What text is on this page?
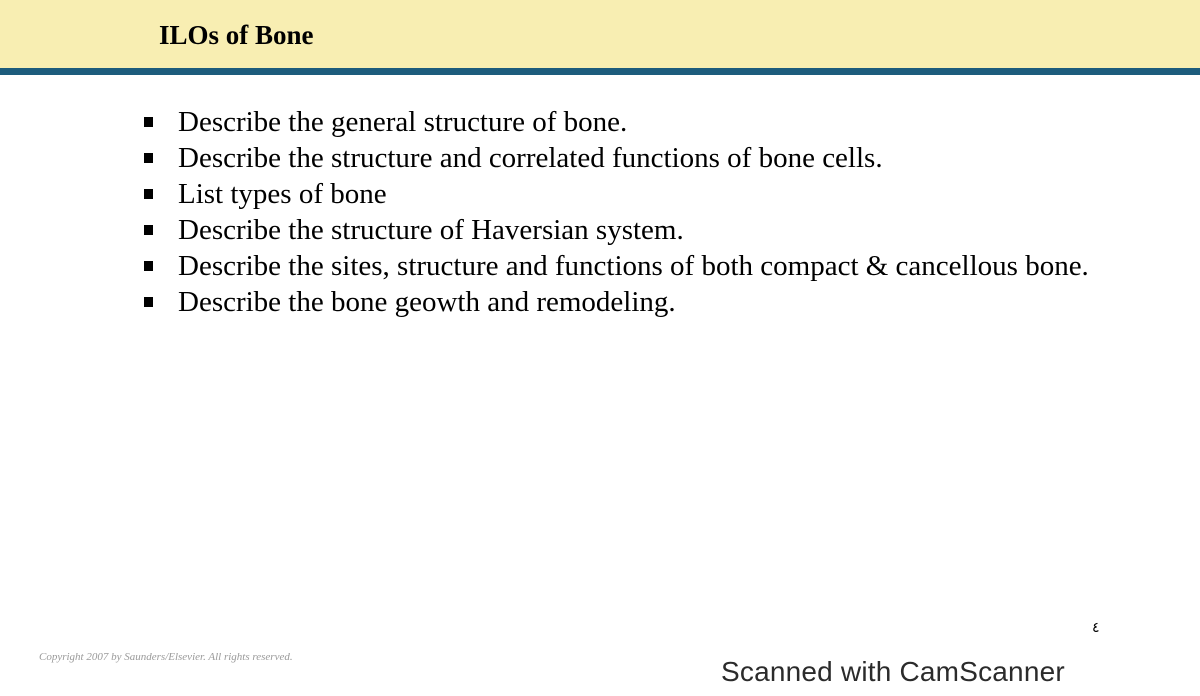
ILOs of Bone
Describe the general structure of bone.
Describe the structure and correlated functions of bone cells.
List types of bone
Describe the structure of Haversian system.
Describe the sites, structure and functions of both compact & cancellous bone.
Describe the bone geowth and remodeling.
٤
Copyright 2007 by Saunders/Elsevier. All rights reserved.	Scanned with CamScanner
